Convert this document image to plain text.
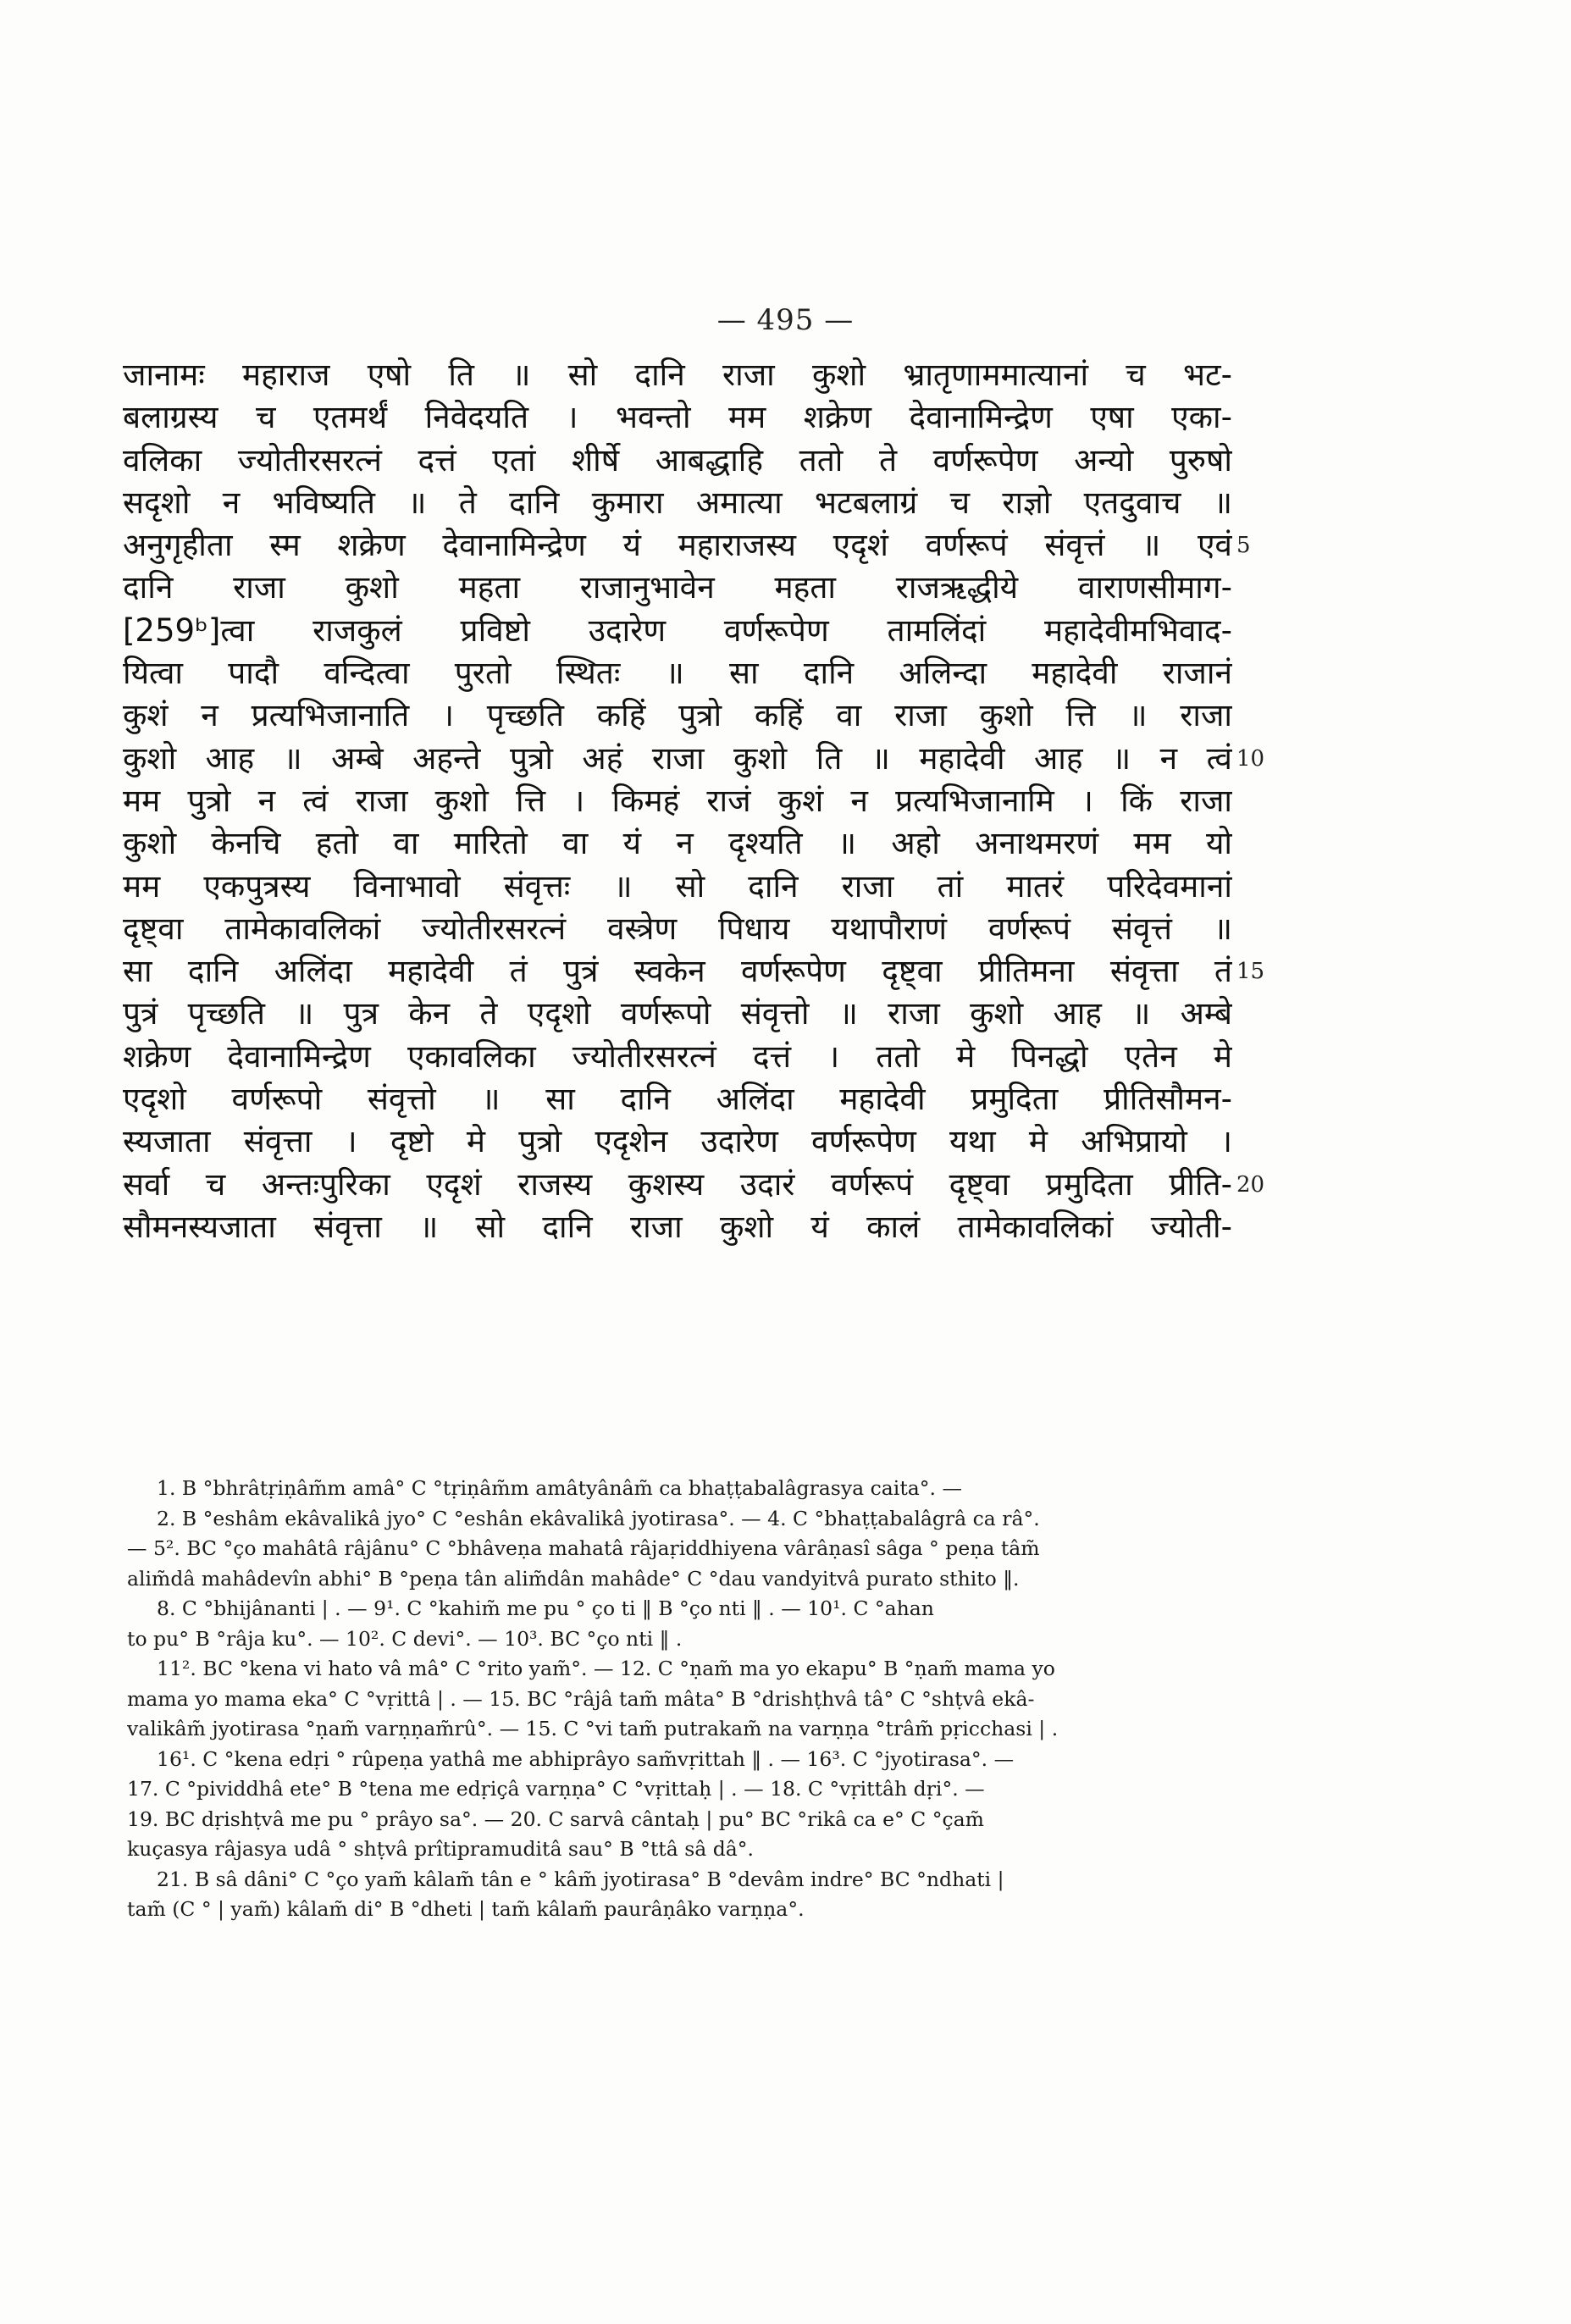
— 495 —
जानामः महाराज एषो ति ॥ सो दानि राजा कुशो भ्रातृणाममात्यानां च भट-
बलाग्रस्य च एतमर्थं निवेदयति । भवन्तो मम शक्रेण देवानामिन्द्रेण एषा एका-
वलिका ज्योतीरसरत्नं दत्तं एतां शीर्षे आबद्धाहि ततो ते वर्णरूपेण अन्यो पुरुषो
सदृशो न भविष्यति ॥ ते दानि कुमारा अमात्या भटबलाग्रं च राज्ञो एतदुवाच ॥
अनुगृहीता स्म शक्रेण देवानामिन्द्रेण यं महाराजस्य एदृशं वर्णरूपं संवृत्तं ॥ एवं
दानि राजा कुशो महता राजानुभावेन महता राजऋद्धीये वाराणसीमाग-
[259ᵇ]त्वा राजकुलं प्रविष्टो उदारेण वर्णरूपेण तामलिंदां महादेवीमभिवाद-
यित्वा पादौ वन्दित्वा पुरतो स्थितः ॥ सा दानि अलिन्दा महादेवी राजानं
कुशं न प्रत्यभिजानाति । पृच्छति कहिं पुत्रो कहिं वा राजा कुशो त्ति ॥ राजा
कुशो आह ॥ अम्बे अहन्ते पुत्रो अहं राजा कुशो ति ॥ महादेवी आह ॥ न त्वं
मम पुत्रो न त्वं राजा कुशो त्ति । किमहं राजं कुशं न प्रत्यभिजानामि । किं राजा
कुशो केनचि हतो वा मारितो वा यं न दृश्यति ॥ अहो अनाथमरणं मम यो
मम एकपुत्रस्य विनाभावो संवृत्तः ॥ सो दानि राजा तां मातरं परिदेवमानां
दृष्ट्वा तामेकावलिकां ज्योतीरसरत्नं वस्त्रेण पिधाय यथापौराणं वर्णरूपं संवृत्तं ॥
सा दानि अलिंदा महादेवी तं पुत्रं स्वकेन वर्णरूपेण दृष्ट्वा प्रीतिमना संवृत्ता तं
पुत्रं पृच्छति ॥ पुत्र केन ते एदृशो वर्णरूपो संवृत्तो ॥ राजा कुशो आह ॥ अम्बे
शक्रेण देवानामिन्द्रेण एकावलिका ज्योतीरसरत्नं दत्तं । ततो मे पिनद्धो एतेन मे
एदृशो वर्णरूपो संवृत्तो ॥ सा दानि अलिंदा महादेवी प्रमुदिता प्रीतिसौमन-
स्यजाता संवृत्ता । दृष्टो मे पुत्रो एदृशेन उदारेण वर्णरूपेण यथा मे अभिप्रायो ।
सर्वा च अन्तःपुरिका एदृशं राजस्य कुशस्य उदारं वर्णरूपं दृष्ट्वा प्रमुदिता प्रीति-
सौमनस्यजाता संवृत्ता ॥ सो दानि राजा कुशो यं कालं तामेकावलिकां ज्योती-
5
10
15
20
1. B °bhrâtṛiṇâm̃m amâ° C °tṛiṇâm̃m amâtyânâm̃ ca bhaṭṭabalâgrasya caita°. —
2. B °eshâm ekâvalikâ jyo° C °eshân ekâvalikâ jyotirasa°. — 4. C °bhaṭṭabalâgrâ ca râ°.
— 5². BC °ço mahâtâ râjânu° C °bhâveṇa mahatâ râjaṛiddhiyena vârâṇasî sâga ° peṇa tâm̃
alim̃dâ mahâdevîn abhi° B °peṇa tân alim̃dân mahâde° C °dau vandyitvâ purato sthito ‖.
8. C °bhijânanti | . — 9¹. C °kahim̃ me pu ° ço ti ‖ B °ço nti ‖ . — 10¹. C °ahan
to pu° B °râja ku°. — 10². C devi°. — 10³. BC °ço nti ‖ .
11². BC °kena vi hato vâ mâ° C °rito yam̃°. — 12. C °ṇam̃ ma yo ekapu° B °ṇam̃ mama yo
mama yo mama eka° C °vṛittâ | . — 15. BC °râjâ tam̃ mâta° B °drishṭhvâ tâ° C °shṭvâ ekâ-
valikâm̃ jyotirasa °ṇam̃ varṇṇam̃rû°. — 15. C °vi tam̃ putrakam̃ na varṇṇa °trâm̃ pṛicchasi | .
16¹. C °kena edṛi ° rûpeṇa yathâ me abhiprâyo sam̃vṛittah ‖ . — 16³. C °jyotirasa°. —
17. C °pividdhâ ete° B °tena me edṛiçâ varṇṇa° C °vṛittaḥ | . — 18. C °vṛittâh dṛi°. —
19. BC dṛishṭvâ me pu ° prâyo sa°. — 20. C sarvâ cântaḥ | pu° BC °rikâ ca e° C °çam̃
kuçasya râjasya udâ ° shṭvâ prîtipramuditâ sau° B °ttâ sâ dâ°.
21. B sâ dâni° C °ço yam̃ kâlam̃ tân e ° kâm̃ jyotirasa° B °devâm indre° BC °ndhati |
tam̃ (C ° | yam̃) kâlam̃ di° B °dheti | tam̃ kâlam̃ paurâṇâko varṇṇa°.
